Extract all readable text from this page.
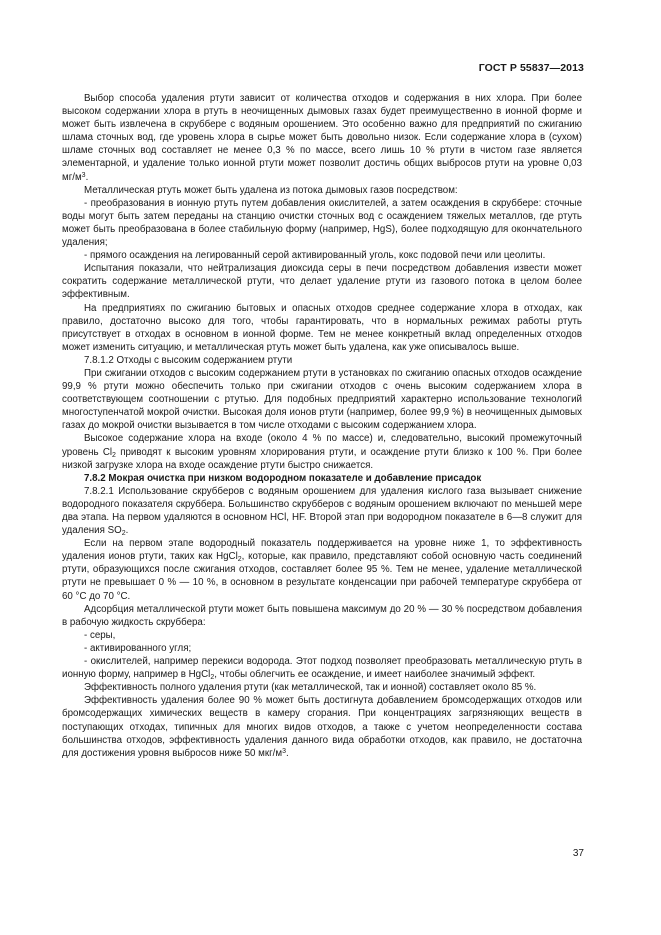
ГОСТ Р 55837—2013

Выбор способа удаления ртути зависит от количества отходов и содержания в них хлора. При более высоком содержании хлора в ртуть в неочищенных дымовых газах будет преимущественно в ионной форме и может быть извлечена в скруббере с водяным орошением. Это особенно важно для предприятий по сжиганию шлама сточных вод, где уровень хлора в сырье может быть довольно низок. Если содержание хлора в (сухом) шламе сточных вод составляет не менее 0,3 % по массе, всего лишь 10 % ртути в чистом газе является элементарной, и удаление только ионной ртути может позволит достичь общих выбросов ртути на уровне 0,03 $мг/м^3$.

Металлическая ртуть может быть удалена из потока дымовых газов посредством:

- преобразования в ионную ртуть путем добавления окислителей, а затем осаждения в скруббере: сточные воды могут быть затем переданы на станцию очистки сточных вод с осаждением тяжелых металлов, где ртуть может быть преобразована в более стабильную форму (например, HgS), более подходящую для окончательного удаления;

- прямого осаждения на легированный серой активированный уголь, кокс подовой печи или цеолиты.

Испытания показали, что нейтрализация диоксида серы в печи посредством добавления извести может сократить содержание металлической ртути, что делает удаление ртути из газового потока в целом более эффективным.

На предприятиях по сжиганию бытовых и опасных отходов среднее содержание хлора в отходах, как правило, достаточно высоко для того, чтобы гарантировать, что в нормальных режимах работы ртуть присутствует в отходах в основном в ионной форме. Тем не менее конкретный вклад определенных отходов может изменить ситуацию, и металлическая ртуть может быть удалена, как уже описывалось выше.

7.8.1.2 Отходы с высоким содержанием ртути

При сжигании отходов с высоким содержанием ртути в установках по сжиганию опасных отходов осаждение 99,9 % ртути можно обеспечить только при сжигании отходов с очень высоким содержанием хлора в соответствующем соотношении с ртутью. Для подобных предприятий характерно использование технологий многоступенчатой мокрой очистки. Высокая доля ионов ртути (например, более 99,9 %) в неочищенных дымовых газах до мокрой очистки вызывается в том числе отходами с высоким содержанием хлора.

Высокое содержание хлора на входе (около 4 % по массе) и, следовательно, высокий промежуточный уровень $Cl_2$ приводят к высоким уровням хлорирования ртути, и осаждение ртути близко к 100 %. При более низкой загрузке хлора на входе осаждение ртути быстро снижается.

7.8.2 Мокрая очистка при низком водородном показателе и добавление присадок

7.8.2.1 Использование скрубберов с водяным орошением для удаления кислого газа вызывает снижение водородного показателя скруббера. Большинство скрубберов с водяным орошением включают по меньшей мере два этапа. На первом удаляются в основном HCl, HF. Второй этап при водородном показателе в 6—8 служит для удаления $SO_2$.

Если на первом этапе водородный показатель поддерживается на уровне ниже 1, то эффективность удаления ионов ртути, таких как HgCl$_2$, которые, как правило, представляют собой основную часть соединений ртути, образующихся после сжигания отходов, составляет более 95 %. Тем не менее, удаление металлической ртути не превышает 0 % — 10 %, в основном в результате конденсации при рабочей температуре скруббера от 60 °C до 70 °C.

Адсорбция металлической ртути может быть повышена максимум до 20 % — 30 % посредством добавления в рабочую жидкость скруббера:

- серы,

- активированного угля;

- окислителей, например перекиси водорода. Этот подход позволяет преобразовать металлическую ртуть в ионную форму, например в HgCl$_2$, чтобы облегчить ее осаждение, и имеет наиболее значимый эффект.

Эффективность полного удаления ртути (как металлической, так и ионной) составляет около 85 %.

Эффективность удаления более 90 % может быть достигнута добавлением бромсодержащих отходов или бромсодержащих химических веществ в камеру сгорания. При концентрациях загрязняющих веществ в поступающих отходах, типичных для многих видов отходов, а также с учетом неопределенности состава большинства отходов, эффективность удаления данного вида обработки отходов, как правило, не достаточна для достижения уровня выбросов ниже 50 мкг/$м^3$.

37
